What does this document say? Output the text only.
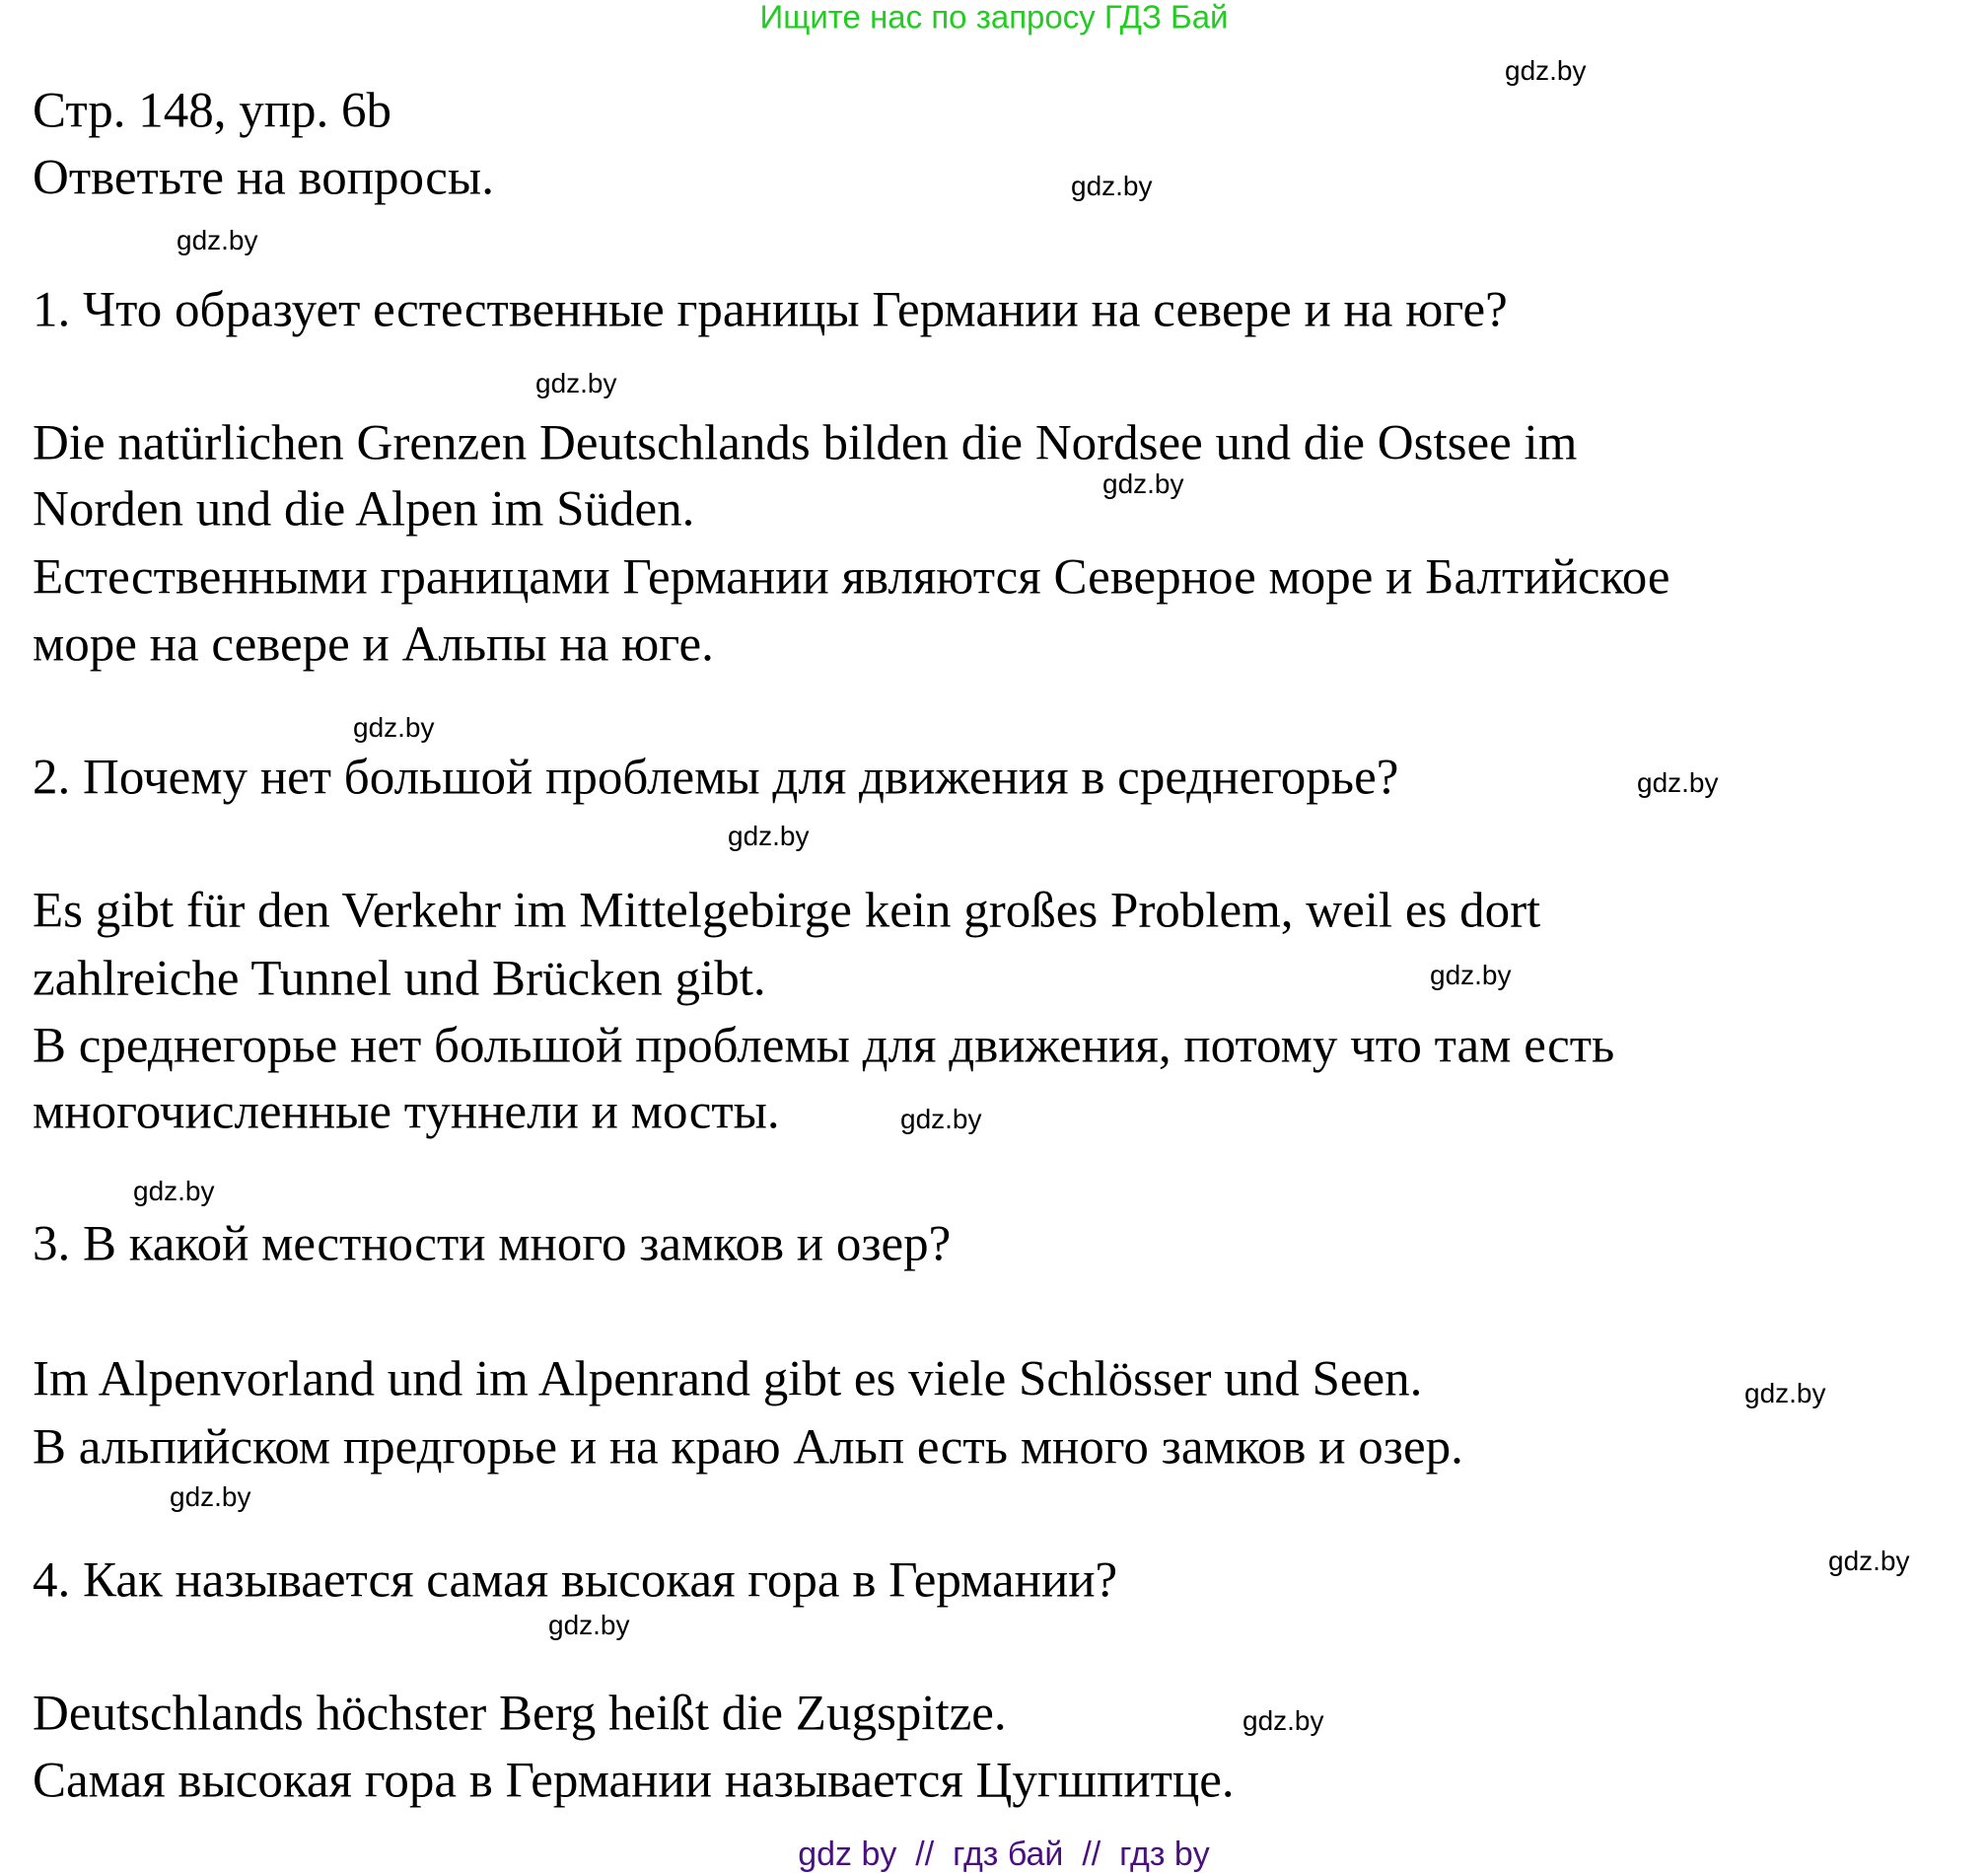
Ищите нас по запросу ГДЗ Бай
Стр. 148, упр. 6b
Ответьте на вопросы.
1. Что образует естественные границы Германии на севере и на юге?
Die natürlichen Grenzen Deutschlands bilden die Nordsee und die Ostsee im
Norden und die Alpen im Süden.
Естественными границами Германии являются Северное море и Балтийское
море на севере и Альпы на юге.
2. Почему нет большой проблемы для движения в среднегорье?
Es gibt für den Verkehr im Mittelgebirge kein großes Problem, weil es dort
zahlreiche Tunnel und Brücken gibt.
В среднегорье нет большой проблемы для движения, потому что там есть
многочисленные туннели и мосты.
3. В какой местности много замков и озер?
Im Alpenvorland und im Alpenrand gibt es viele Schlösser und Seen.
В альпийском предгорье и на краю Альп есть много замков и озер.
4. Как называется самая высокая гора в Германии?
Deutschlands höchster Berg heißt die Zugspitze.
Самая высокая гора в Германии называется Цугшпитце.
gdz.by
gdz.by
gdz.by
gdz.by
gdz.by
gdz.by
gdz.by
gdz.by
gdz.by
gdz.by
gdz.by
gdz.by
gdz.by
gdz.by
gdz.by
gdz.by
gdz by  //  гдз бай  //  гдз by
